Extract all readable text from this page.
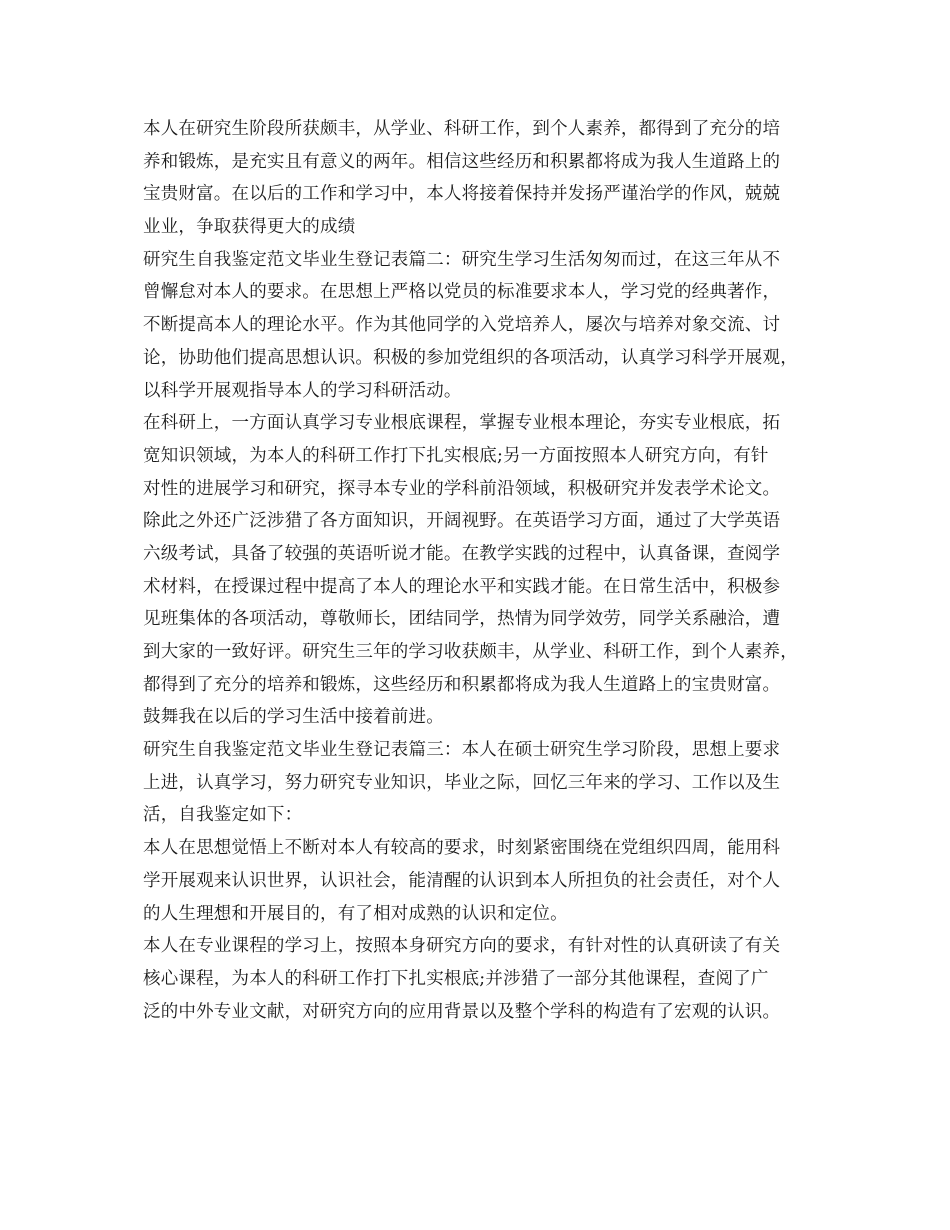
本人在研究生阶段所获颇丰，从学业、科研工作，到个人素养，都得到了充分的培
养和锻炼，是充实且有意义的两年。相信这些经历和积累都将成为我人生道路上的
宝贵财富。在以后的工作和学习中，本人将接着保持并发扬严谨治学的作风，兢兢
业业，争取获得更大的成绩
研究生自我鉴定范文毕业生登记表篇二：研究生学习生活匆匆而过，在这三年从不
曾懈怠对本人的要求。在思想上严格以党员的标准要求本人，学习党的经典著作，
不断提高本人的理论水平。作为其他同学的入党培养人，屡次与培养对象交流、讨
论，协助他们提高思想认识。积极的参加党组织的各项活动，认真学习科学开展观，
以科学开展观指导本人的学习科研活动。
在科研上，一方面认真学习专业根底课程，掌握专业根本理论，夯实专业根底，拓
宽知识领域，为本人的科研工作打下扎实根底;另一方面按照本人研究方向，有针
对性的进展学习和研究，探寻本专业的学科前沿领域，积极研究并发表学术论文。
除此之外还广泛涉猎了各方面知识，开阔视野。在英语学习方面，通过了大学英语
六级考试，具备了较强的英语听说才能。在教学实践的过程中，认真备课，查阅学
术材料，在授课过程中提高了本人的理论水平和实践才能。在日常生活中，积极参
见班集体的各项活动，尊敬师长，团结同学，热情为同学效劳，同学关系融洽，遭
到大家的一致好评。研究生三年的学习收获颇丰，从学业、科研工作，到个人素养，
都得到了充分的培养和锻炼，这些经历和积累都将成为我人生道路上的宝贵财富。
鼓舞我在以后的学习生活中接着前进。
研究生自我鉴定范文毕业生登记表篇三：本人在硕士研究生学习阶段，思想上要求
上进，认真学习，努力研究专业知识，毕业之际，回忆三年来的学习、工作以及生
活，自我鉴定如下：
本人在思想觉悟上不断对本人有较高的要求，时刻紧密围绕在党组织四周，能用科
学开展观来认识世界，认识社会，能清醒的认识到本人所担负的社会责任，对个人
的人生理想和开展目的，有了相对成熟的认识和定位。
本人在专业课程的学习上，按照本身研究方向的要求，有针对性的认真研读了有关
核心课程，为本人的科研工作打下扎实根底;并涉猎了一部分其他课程，查阅了广
泛的中外专业文献，对研究方向的应用背景以及整个学科的构造有了宏观的认识。
